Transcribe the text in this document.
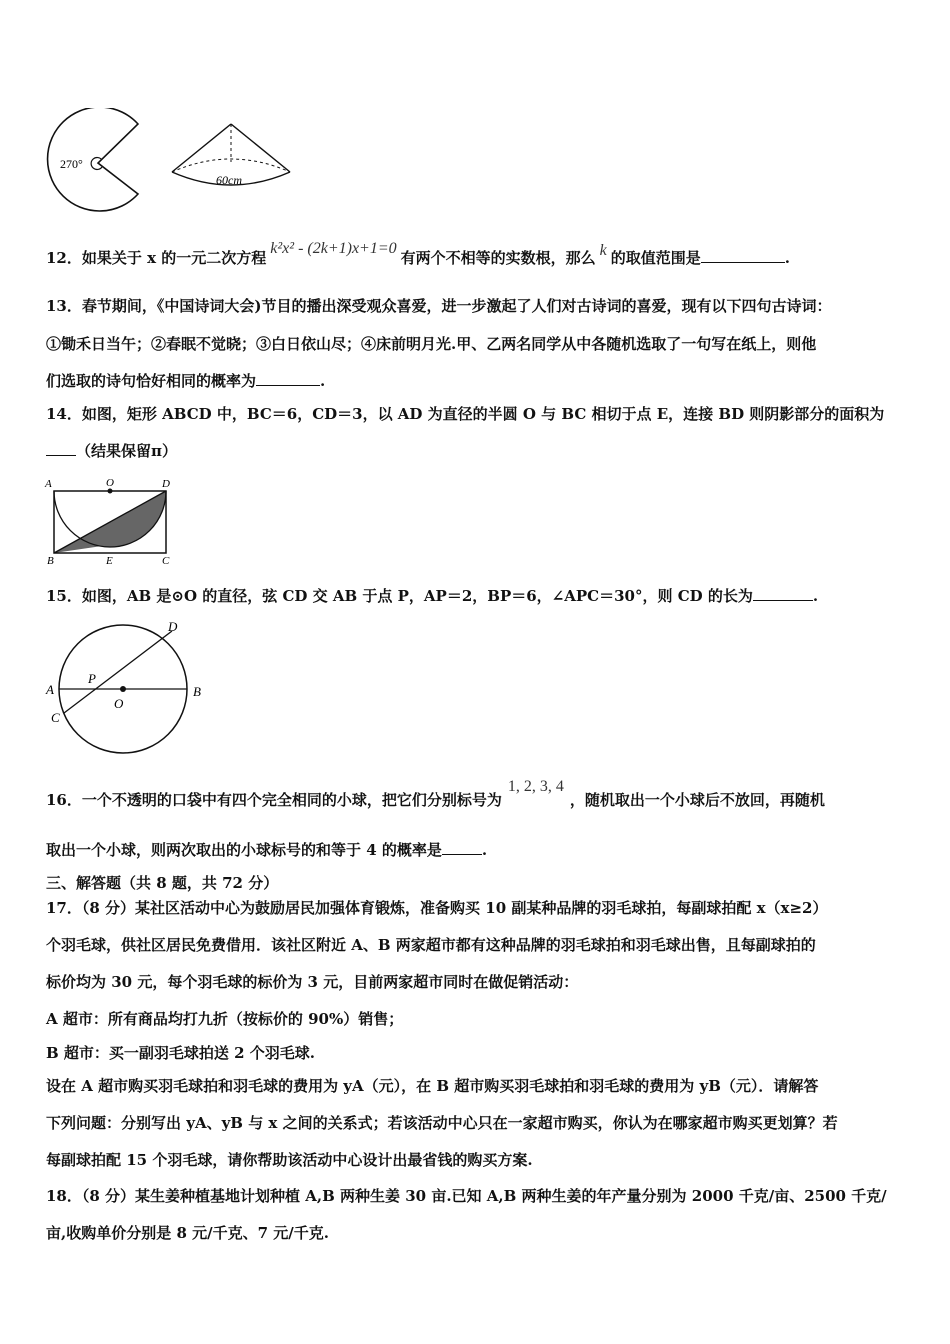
270°
60cm
12．如果关于 x 的一元二次方程k²x² - (2k+1)x+1=0有两个不相等的实数根，那么 k 的取值范围是	.
13．春节期间，《中国诗词大会)节目的播出深受观众喜爱，进一步激起了人们对古诗词的喜爱，现有以下四句古诗词：
①锄禾日当午；②春眠不觉晓；③白日依山尽；④床前明月光.甲、乙两名同学从中各随机选取了一句写在纸上，则他
们选取的诗句恰好相同的概率为	.
14．如图，矩形 ABCD 中，BC＝6，CD＝3，以 AD 为直径的半圆 O 与 BC 相切于点 E，连接 BD 则阴影部分的面积为
（结果保留π）
A	O	D
B	E	C
15．如图，AB 是⊙O 的直径，弦 CD 交 AB 于点 P，AP＝2，BP＝6，∠APC＝30°，则 CD 的长为	.
A	B
C
D
P
O
16．一个不透明的口袋中有四个完全相同的小球，把它们分别标号为1, 2, 3, 4，随机取出一个小球后不放回，再随机
取出一个小球，则两次取出的小球标号的和等于 4 的概率是	.
三、解答题（共 8 题，共 72 分）
17．（8 分）某社区活动中心为鼓励居民加强体育锻炼，准备购买 10 副某种品牌的羽毛球拍，每副球拍配 x（x≥2）
个羽毛球，供社区居民免费借用．该社区附近 A、B 两家超市都有这种品牌的羽毛球拍和羽毛球出售，且每副球拍的
标价均为 30 元，每个羽毛球的标价为 3 元，目前两家超市同时在做促销活动：
A 超市：所有商品均打九折（按标价的 90%）销售；
B 超市：买一副羽毛球拍送 2 个羽毛球.
设在 A 超市购买羽毛球拍和羽毛球的费用为 yA（元），在 B 超市购买羽毛球拍和羽毛球的费用为 yB（元）．请解答
下列问题：分别写出 yA、yB 与 x 之间的关系式；若该活动中心只在一家超市购买，你认为在哪家超市购买更划算？若
每副球拍配 15 个羽毛球，请你帮助该活动中心设计出最省钱的购买方案.
18．（8 分）某生姜种植基地计划种植 A,B 两种生姜 30 亩.已知 A,B 两种生姜的年产量分别为 2000 千克/亩、2500 千克/
亩,收购单价分别是 8 元/千克、7 元/千克.
